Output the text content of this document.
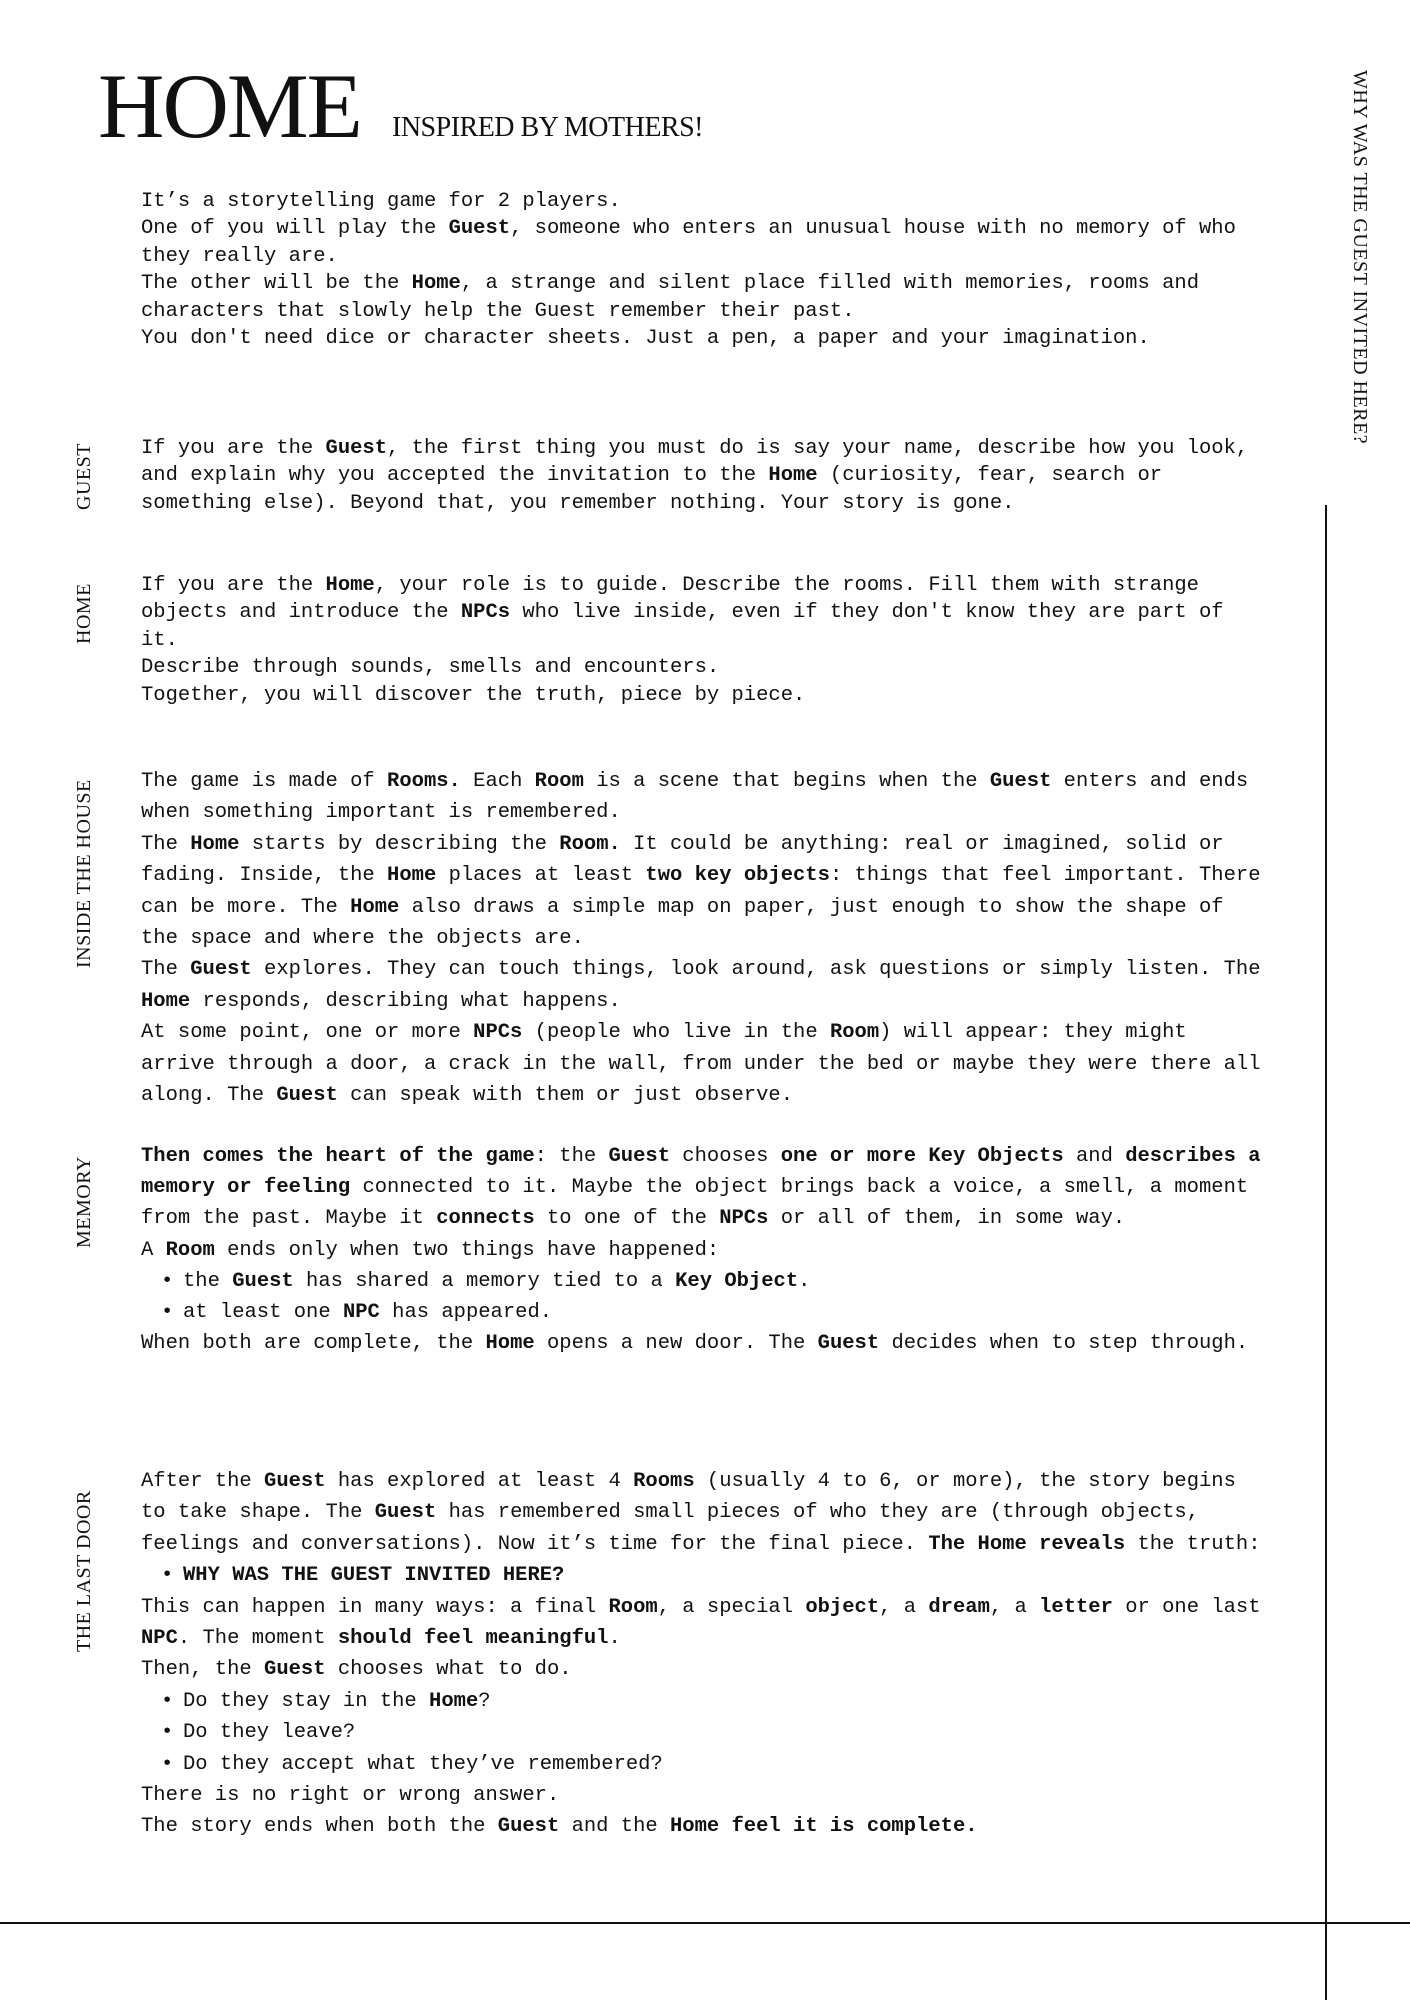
HOME INSPIRED BY MOTHERS!	WHY WAS THE GUEST INVITED HERE?
GUEST
HOME
INSIDE THE HOUSE
MEMORY
THE LAST DOOR

It’s a storytelling game for 2 players.

One of you will play the Guest, someone who enters an unusual house with no memory of who they really are.

The other will be the Home, a strange and silent place filled with memories, rooms and characters that slowly help the Guest remember their past.

You don't need dice or character sheets. Just a pen, a paper and your imagination.

If you are the Guest, the first thing you must do is say your name, describe how you look, and explain why you accepted the invitation to the Home (curiosity, fear, search or something else). Beyond that, you remember nothing. Your story is gone.

If you are the Home, your role is to guide. Describe the rooms. Fill them with strange objects and introduce the NPCs who live inside, even if they don't know they are part of it.

Describe through sounds, smells and encounters.

Together, you will discover the truth, piece by piece.

The game is made of Rooms. Each Room is a scene that begins when the Guest enters and ends when something important is remembered.

The Home starts by describing the Room. It could be anything: real or imagined, solid or fading. Inside, the Home places at least two key objects: things that feel important. There can be more. The Home also draws a simple map on paper, just enough to show the shape of the space and where the objects are.

The Guest explores. They can touch things, look around, ask questions or simply listen. The Home responds, describing what happens.

At some point, one or more NPCs (people who live in the Room) will appear: they might arrive through a door, a crack in the wall, from under the bed or maybe they were there all along. The Guest can speak with them or just observe.

Then comes the heart of the game: the Guest chooses one or more Key Objects and describes a memory or feeling connected to it. Maybe the object brings back a voice, a smell, a moment from the past. Maybe it connects to one of the NPCs or all of them, in some way.

A Room ends only when two things have happened:

• the Guest has shared a memory tied to a Key Object.
• at least one NPC has appeared.

When both are complete, the Home opens a new door. The Guest decides when to step through.

After the Guest has explored at least 4 Rooms (usually 4 to 6, or more), the story begins to take shape. The Guest has remembered small pieces of who they are (through objects, feelings and conversations). Now it’s time for the final piece. The Home reveals the truth:

• WHY WAS THE GUEST INVITED HERE?

This can happen in many ways: a final Room, a special object, a dream, a letter or one last NPC. The moment should feel meaningful.

Then, the Guest chooses what to do.

• Do they stay in the Home?
• Do they leave?
• Do they accept what they’ve remembered?

There is no right or wrong answer.

The story ends when both the Guest and the Home feel it is complete.
